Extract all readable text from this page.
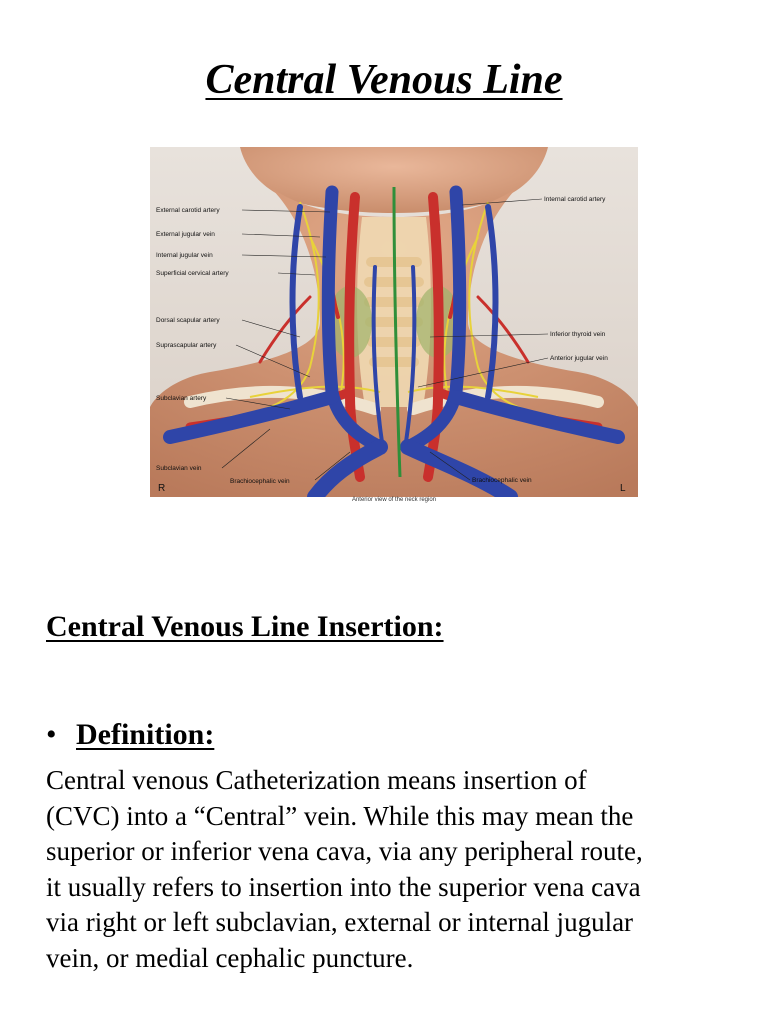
Central Venous Line
External carotid artery
External jugular vein
Internal jugular vein
Superficial cervical artery
Dorsal scapular artery
Suprascapular artery
Subclavian artery
Subclavian vein
Brachiocephalic vein
Internal carotid artery
Inferior thyroid vein
Anterior jugular vein
Brachiocephalic vein
R	L
Anterior view of the neck region
Central Venous Line Insertion:
• Definition:
Central venous Catheterization means insertion of
(CVC) into a “Central” vein. While this may mean the
superior or inferior vena cava, via any peripheral route,
it usually refers to insertion into the superior vena cava
via right or left subclavian, external or internal jugular
vein, or medial cephalic puncture.
